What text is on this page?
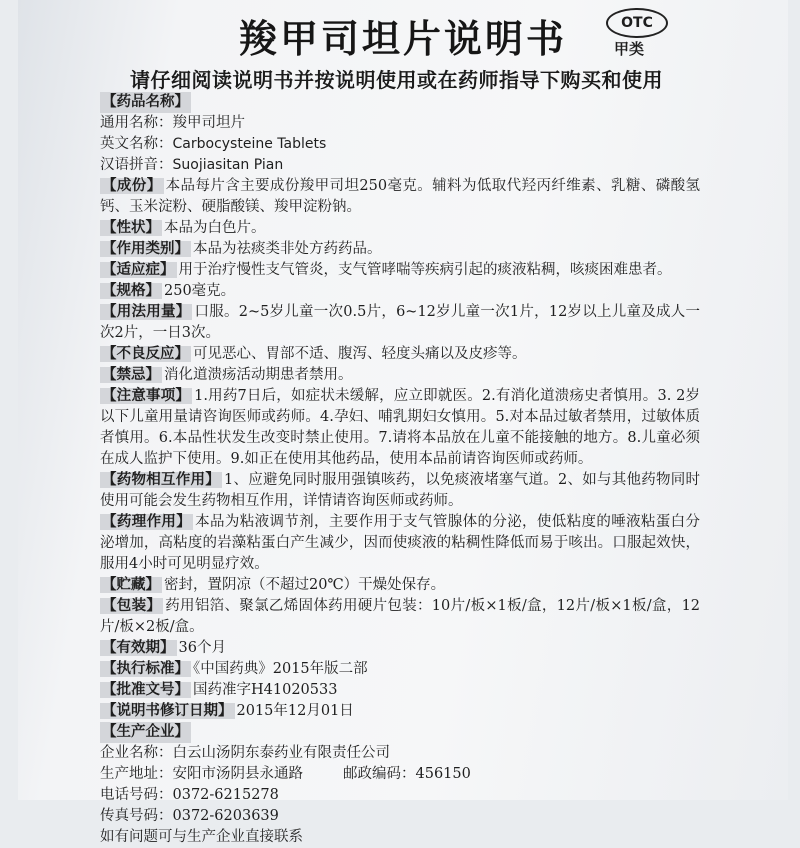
羧甲司坦片说明书	OTC
甲类
请仔细阅读说明书并按说明使用或在药师指导下购买和使用
【药品名称】
通用名称： 羧甲司坦片
英文名称： Carbocysteine Tablets
汉语拼音： Suojiasitan Pian
【成份】 本品每片含主要成份羧甲司坦250毫克。辅料为低取代羟丙纤维素、乳糖、磷酸氢钙、玉米淀粉、硬脂酸镁、羧甲淀粉钠。
【性状】 本品为白色片。
【作用类别】 本品为祛痰类非处方药药品。
【适应症】 用于治疗慢性支气管炎，支气管哮喘等疾病引起的痰液粘稠，咳痰困难患者。
【规格】 250毫克。
【用法用量】 口服。2~5岁儿童一次0.5片，6~12岁儿童一次1片，12岁以上儿童及成人一次2片，一日3次。
【不良反应】 可见恶心、胃部不适、腹泻、轻度头痛以及皮疹等。
【禁忌】 消化道溃疡活动期患者禁用。
【注意事项】 1.用药7日后，如症状未缓解，应立即就医。2.有消化道溃疡史者慎用。3. 2岁以下儿童用量请咨询医师或药师。4.孕妇、哺乳期妇女慎用。5.对本品过敏者禁用，过敏体质者慎用。6.本品性状发生改变时禁止使用。7.请将本品放在儿童不能接触的地方。8.儿童必须在成人监护下使用。9.如正在使用其他药品，使用本品前请咨询医师或药师。
【药物相互作用】 1、应避免同时服用强镇咳药，以免痰液堵塞气道。2、如与其他药物同时使用可能会发生药物相互作用，详情请咨询医师或药师。
【药理作用】 本品为粘液调节剂，主要作用于支气管腺体的分泌，使低粘度的唾液粘蛋白分泌增加，高粘度的岩藻粘蛋白产生减少，因而使痰液的粘稠性降低而易于咳出。口服起效快，服用4小时可见明显疗效。
【贮藏】 密封，置阴凉（不超过20℃）干燥处保存。
【包装】 药用铝箔、聚氯乙烯固体药用硬片包装：10片/板×1板/盒，12片/板×1板/盒，12片/板×2板/盒。
【有效期】 36个月
【执行标准】 《中国药典》2015年版二部
【批准文号】 国药准字H41020533
【说明书修订日期】 2015年12月01日
【生产企业】
企业名称： 白云山汤阴东泰药业有限责任公司
生产地址： 安阳市汤阴县永通路	邮政编码： 456150
电话号码： 0372-6215278
传真号码： 0372-6203639
如有问题可与生产企业直接联系
